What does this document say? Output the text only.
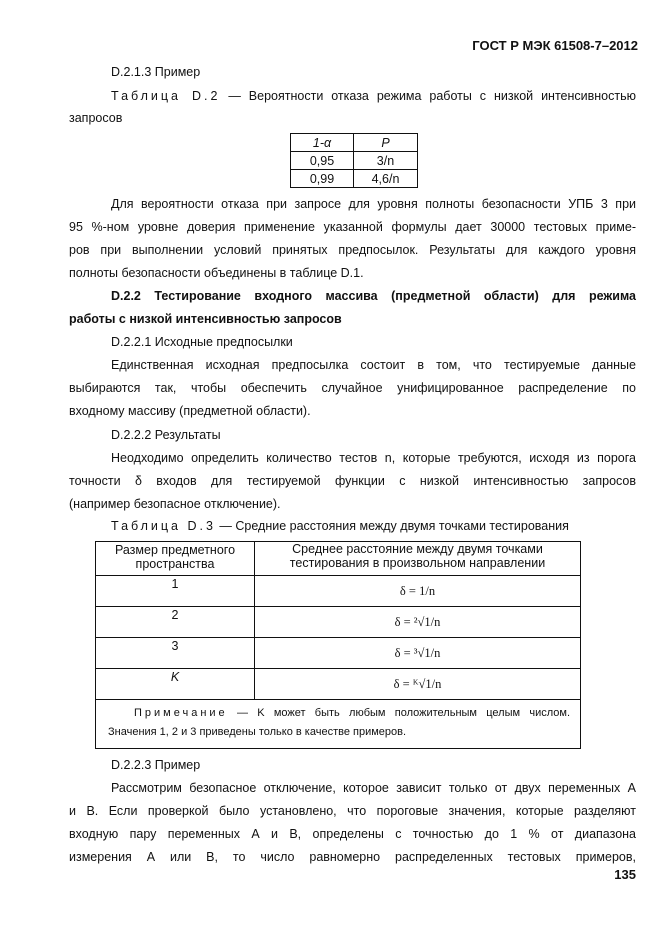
ГОСТ Р МЭК 61508-7–2012
D.2.1.3 Пример
Таблица D.2 — Вероятности отказа режима работы с низкой интенсивностью
запросов
1-α	P
0,95	3/n
0,99	4,6/n
Для вероятности отказа при запросе для уровня полноты безопасности УПБ 3 при
95 %-ном уровне доверия применение указанной формулы дает 30000 тестовых приме-
ров при выполнении условий принятых предпосылок. Результаты для каждого уровня
полноты безопасности объединены в таблице D.1.
D.2.2 Тестирование входного массива (предметной области) для режима
работы с низкой интенсивностью запросов
D.2.2.1 Исходные предпосылки
Единственная исходная предпосылка состоит в том, что тестируемые данные
выбираются так, чтобы обеспечить случайное унифицированное распределение по
входному массиву (предметной области).
D.2.2.2 Результаты
Неодходимо определить количество тестов n, которые требуются, исходя из порога
точности δ входов для тестируемой функции с низкой интенсивностью запросов
(например безопасное отключение).
Таблица D.3 — Средние расстояния между двумя точками тестирования
Размер предметного пространства	Среднее расстояние между двумя точками тестирования в произвольном направлении
1	δ = 1/n
2	δ = ²√1/n
3	δ = ³√1/n
K	δ = ᴷ√1/n

Примечание — K может быть любым положительным целым числом.
Значения 1, 2 и 3 приведены только в качестве примеров.	
D.2.2.3 Пример
Рассмотрим безопасное отключение, которое зависит только от двух переменных А
и В. Если проверкой было установлено, что пороговые значения, которые разделяют
входную пару переменных А и В, определены с точностью до 1 % от диапазона
измерения А или В, то число равномерно распределенных тестовых примеров,
135
